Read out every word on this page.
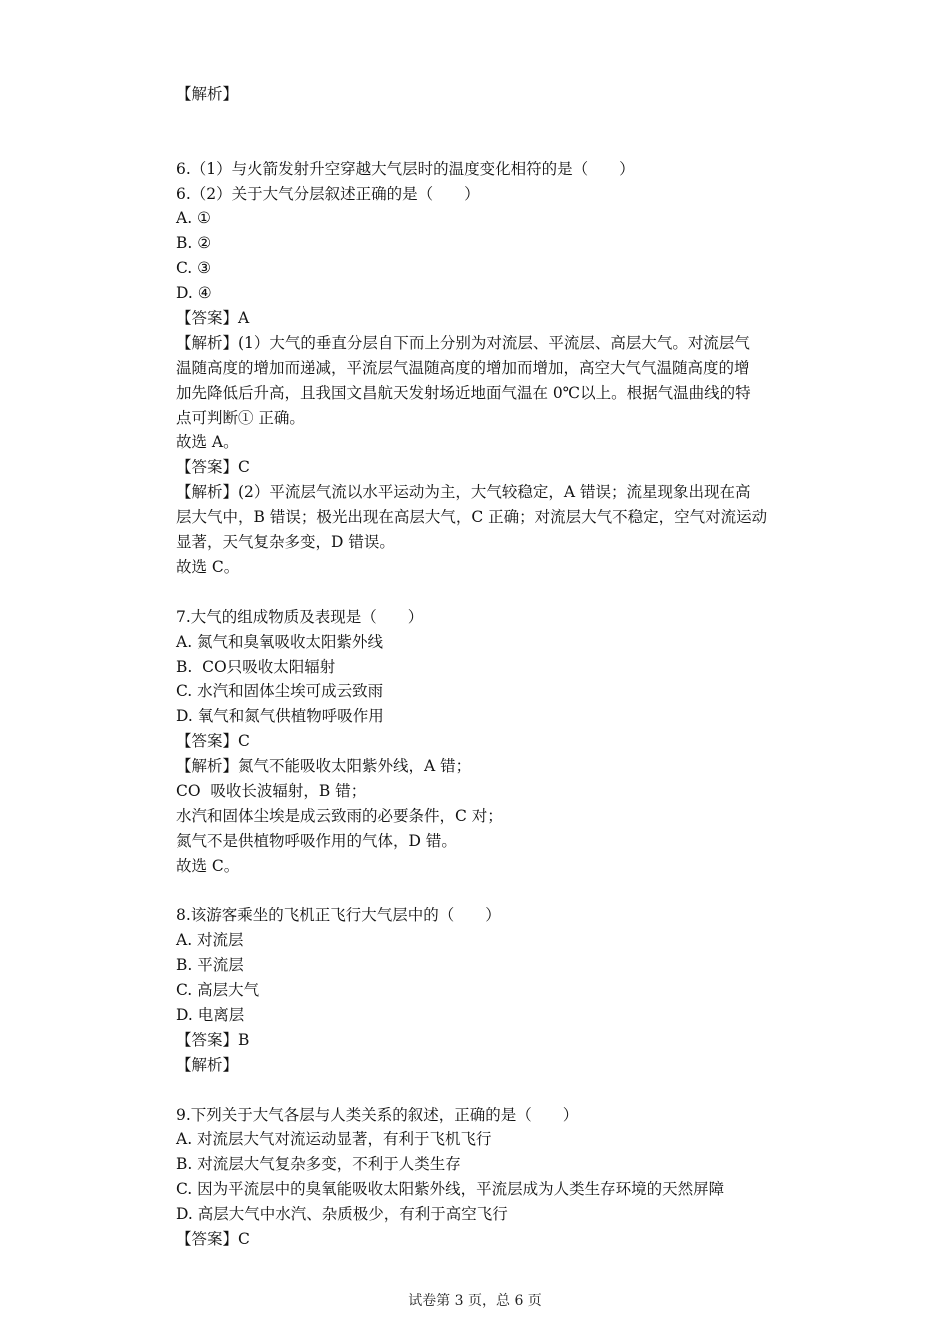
【解析】
6.（1）与火箭发射升空穿越大气层时的温度变化相符的是（　　）
6.（2）关于大气分层叙述正确的是（　　）
A. ①
B. ②
C. ③
D. ④
【答案】A
【解析】(1）大气的垂直分层自下而上分别为对流层、平流层、高层大气。对流层气
温随高度的增加而递减，平流层气温随高度的增加而增加，高空大气气温随高度的增
加先降低后升高，且我国文昌航天发射场近地面气温在 0℃以上。根据气温曲线的特
点可判断① 正确。
故选 A。
【答案】C
【解析】(2）平流层气流以水平运动为主，大气较稳定，A 错误；流星现象出现在高
层大气中，B 错误；极光出现在高层大气，C 正确；对流层大气不稳定，空气对流运动
显著，天气复杂多变，D 错误。
故选 C。
7.大气的组成物质及表现是（　　）
A. 氮气和臭氧吸收太阳紫外线
B.  CO只吸收太阳辐射
C. 水汽和固体尘埃可成云致雨
D. 氧气和氮气供植物呼吸作用
【答案】C
【解析】氮气不能吸收太阳紫外线，A 错；
CO  吸收长波辐射，B 错；
水汽和固体尘埃是成云致雨的必要条件，C 对；
氮气不是供植物呼吸作用的气体，D 错。
故选 C。
8.该游客乘坐的飞机正飞行大气层中的（　　）
A. 对流层
B. 平流层
C. 高层大气
D. 电离层
【答案】B
【解析】
9.下列关于大气各层与人类关系的叙述，正确的是（　　）
A. 对流层大气对流运动显著，有利于飞机飞行
B. 对流层大气复杂多变，不利于人类生存
C. 因为平流层中的臭氧能吸收太阳紫外线，平流层成为人类生存环境的天然屏障
D. 高层大气中水汽、杂质极少，有利于高空飞行
【答案】C
试卷第 3 页，总 6 页
